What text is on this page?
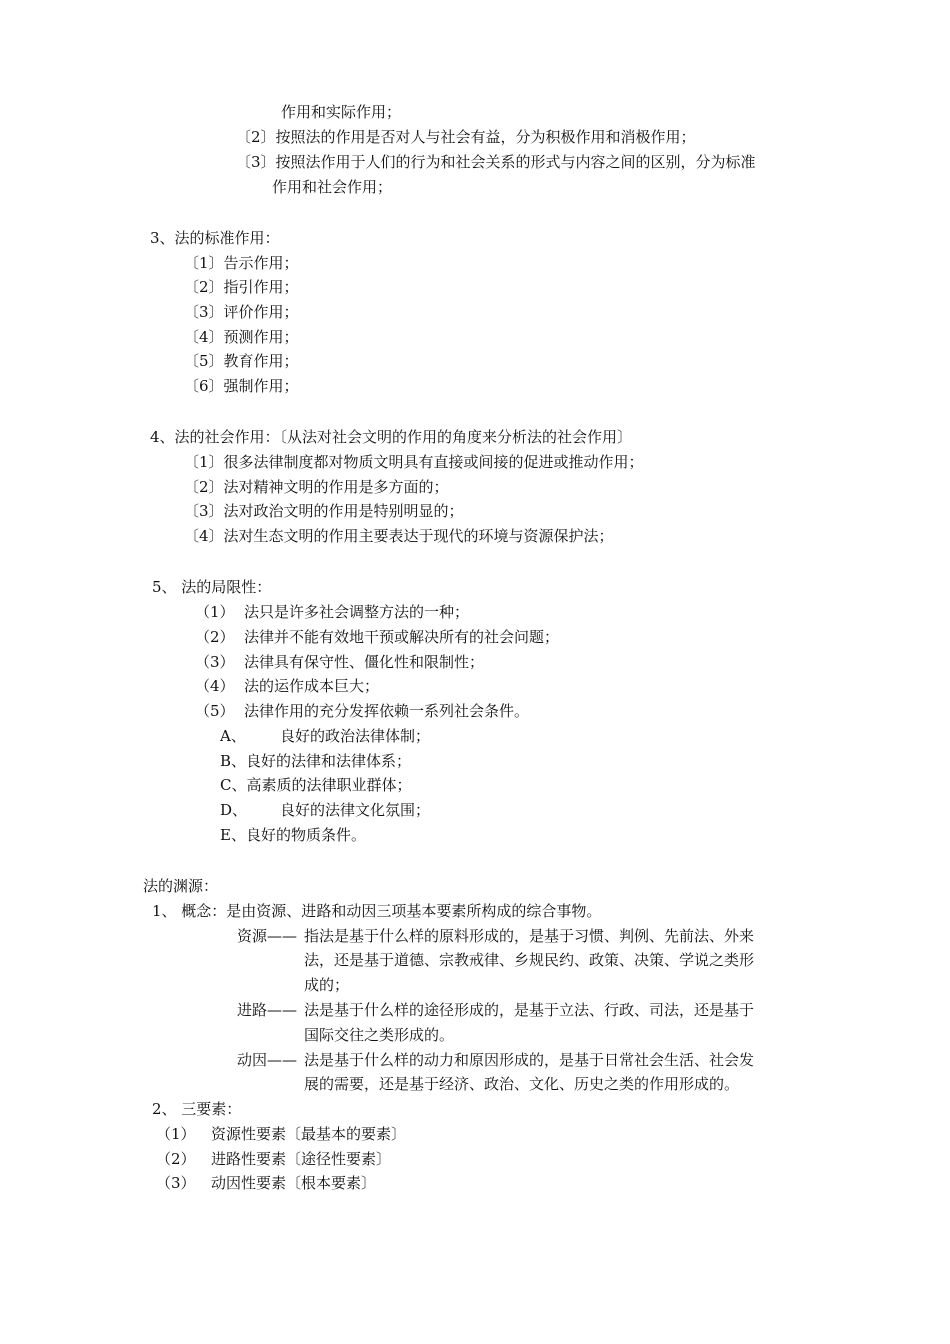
作用和实际作用；
〔2〕按照法的作用是否对人与社会有益，分为积极作用和消极作用；
〔3〕按照法作用于人们的行为和社会关系的形式与内容之间的区别，分为标准
作用和社会作用；
3、法的标准作用：
〔1〕告示作用；
〔2〕指引作用；
〔3〕评价作用；
〔4〕预测作用；
〔5〕教育作用；
〔6〕强制作用；
4、法的社会作用：〔从法对社会文明的作用的角度来分析法的社会作用〕
〔1〕很多法律制度都对物质文明具有直接或间接的促进或推动作用；
〔2〕法对精神文明的作用是多方面的；
〔3〕法对政治文明的作用是特别明显的；
〔4〕法对生态文明的作用主要表达于现代的环境与资源保护法；
5、 法的局限性：
（1） 法只是许多社会调整方法的一种；
（2） 法律并不能有效地干预或解决所有的社会问题；
（3） 法律具有保守性、僵化性和限制性；
（4） 法的运作成本巨大；
（5） 法律作用的充分发挥依赖一系列社会条件。
A、 良好的政治法律体制；
B、良好的法律和法律体系；
C、高素质的法律职业群体；
D、 良好的法律文化氛围；
E、良好的物质条件。
法的渊源：
1、 概念：是由资源、进路和动因三项基本要素所构成的综合事物。
资源—— 指法是基于什么样的原料形成的，是基于习惯、判例、先前法、外来
法，还是基于道德、宗教戒律、乡规民约、政策、决策、学说之类形
成的；
进路—— 法是基于什么样的途径形成的，是基于立法、行政、司法，还是基于
国际交往之类形成的。
动因—— 法是基于什么样的动力和原因形成的，是基于日常社会生活、社会发
展的需要，还是基于经济、政治、文化、历史之类的作用形成的。
2、 三要素：
（1） 资源性要素〔最基本的要素〕
（2） 进路性要素〔途径性要素〕
（3） 动因性要素〔根本要素〕
